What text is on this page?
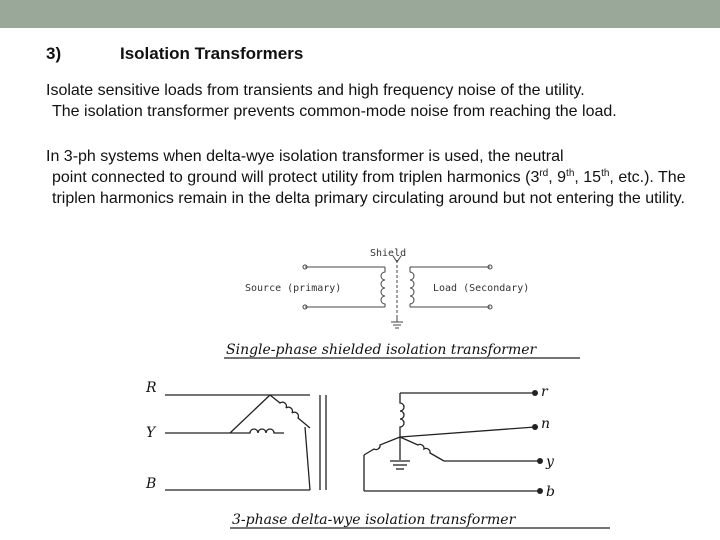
3)	Isolation Transformers
Isolate sensitive loads from transients and high frequency noise of the utility.
The isolation transformer prevents common-mode noise from reaching the load.
In 3-ph systems when delta-wye isolation transformer is used, the neutral
point connected to ground will protect utility from triplen harmonics (3rd, 9th, 15th, etc.). The triplen harmonics remain in the delta primary circulating around but not entering the utility.
Shield
Source (primary)	Load (Secondary)
Single-phase shielded isolation transformer
R
Y
B
r
n
y
b
3-phase delta-wye isolation transformer
